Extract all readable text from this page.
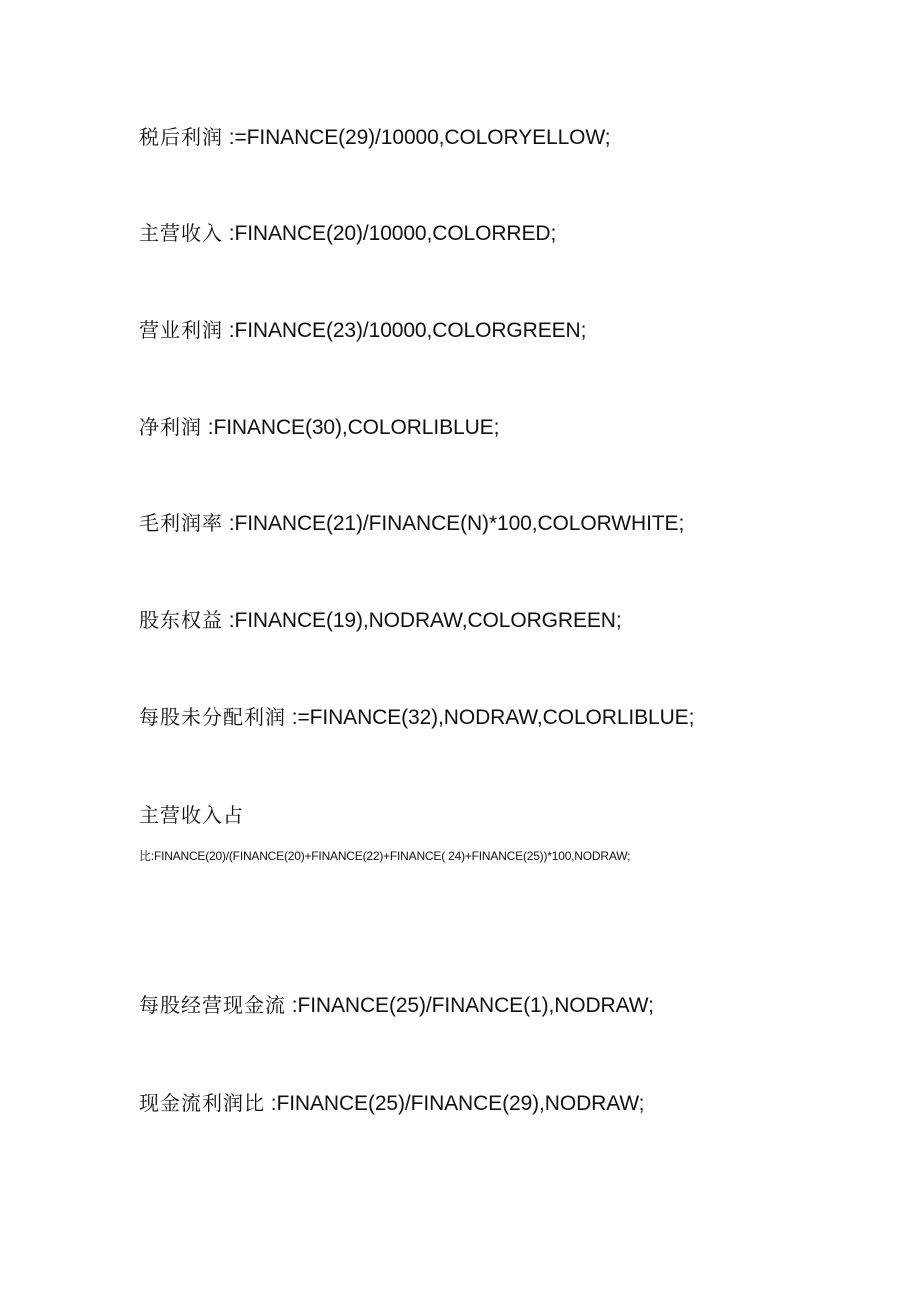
税后利润 :=FINANCE(29)/10000,COLORYELLOW;
主营收入 :FINANCE(20)/10000,COLORRED;
营业利润 :FINANCE(23)/10000,COLORGREEN;
净利润 :FINANCE(30),COLORLIBLUE;
毛利润率 :FINANCE(21)/FINANCE(N)*100,COLORWHITE;
股东权益 :FINANCE(19),NODRAW,COLORGREEN;
每股未分配利润 :=FINANCE(32),NODRAW,COLORLIBLUE;
主营收入占
比:FINANCE(20)/(FINANCE(20)+FINANCE(22)+FINANCE( 24)+FINANCE(25))*100,NODRAW;
每股经营现金流 :FINANCE(25)/FINANCE(1),NODRAW;
现金流利润比 :FINANCE(25)/FINANCE(29),NODRAW;
